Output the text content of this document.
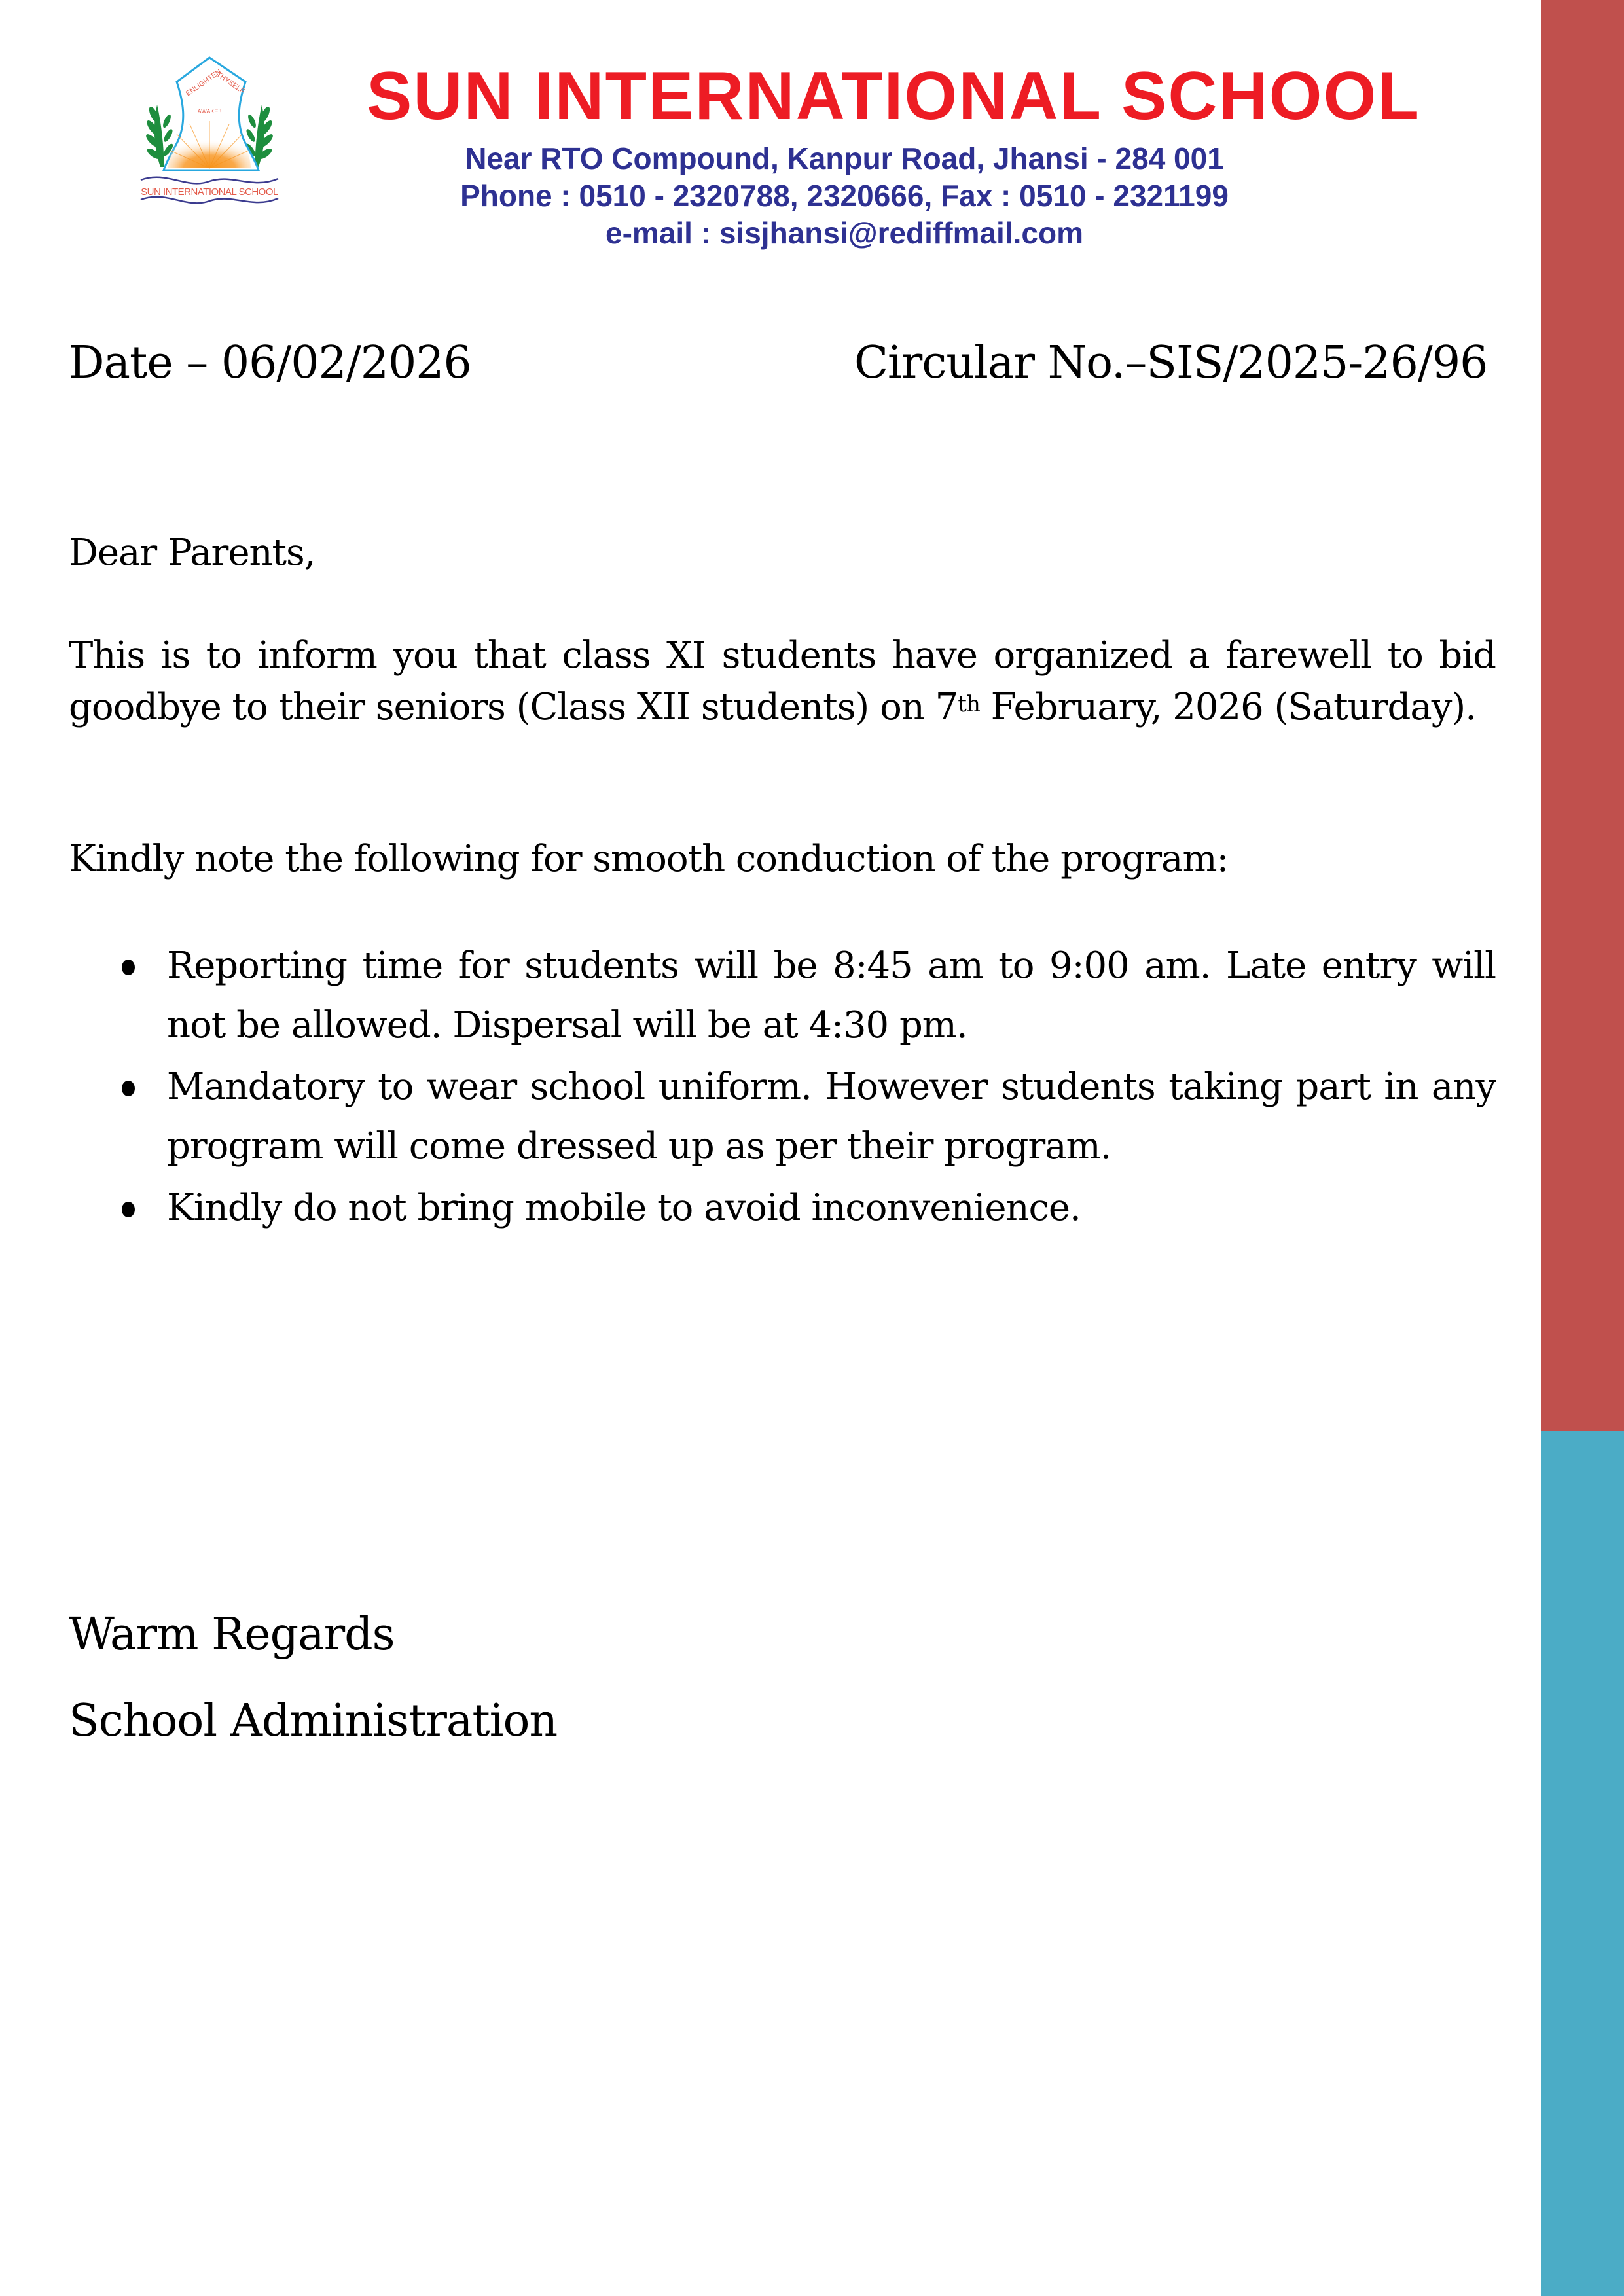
ENLIGHTEN
THYSELF
AWAKE!!
SUN INTERNATIONAL SCHOOL
SUN INTERNATIONAL SCHOOL
Near RTO Compound, Kanpur Road, Jhansi - 284 001
Phone : 0510 - 2320788, 2320666, Fax : 0510 - 2321199
e-mail : sisjhansi@rediffmail.com
Date – 06/02/2026	Circular No.–SIS/2025-26/96
Dear Parents,
This is to inform you that class XI students have organized a farewell to bid goodbye to their seniors (Class XII students) on 7th February, 2026 (Saturday).
Kindly note the following for smooth conduction of the program:
Reporting time for students will be 8:45 am to 9:00 am. Late entry will not be allowed. Dispersal will be at 4:30 pm.
Mandatory to wear school uniform. However students taking part in any program will come dressed up as per their program.
Kindly do not bring mobile to avoid inconvenience.
Warm Regards
School Administration
